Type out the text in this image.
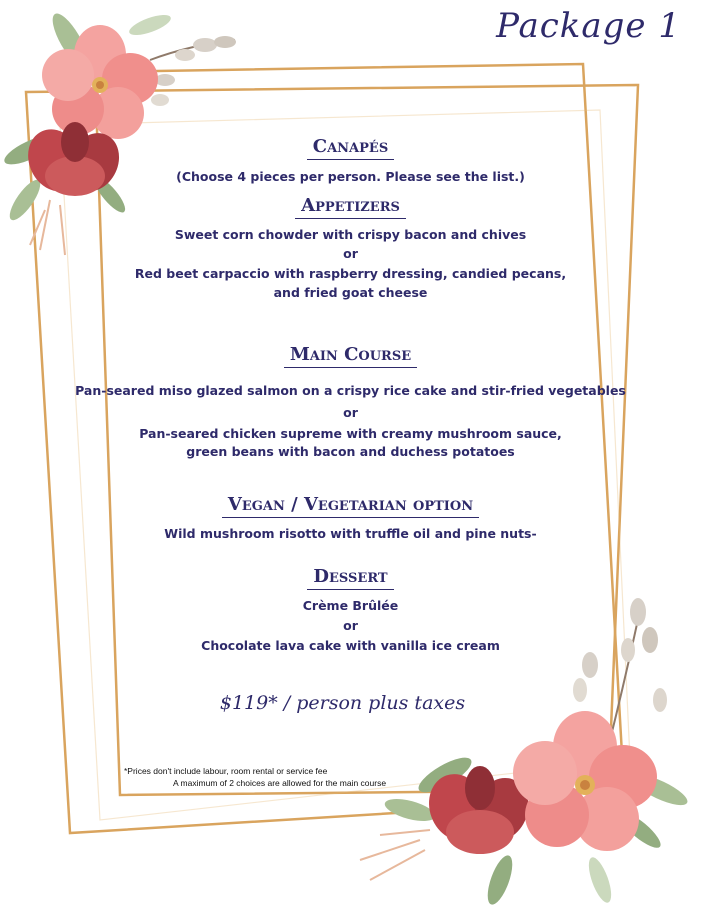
Package 1
Canapés
(Choose 4 pieces per person. Please see the list.)
Appetizers
Sweet corn chowder with crispy bacon and chives
or
Red beet carpaccio with raspberry dressing, candied pecans,
and fried goat cheese
Main Course
Pan-seared miso glazed salmon on a crispy rice cake and stir-fried vegetables
or
Pan-seared chicken supreme with creamy mushroom sauce,
green beans with bacon and duchess potatoes
Vegan / Vegetarian option
Wild mushroom risotto with truffle oil and pine nuts-
Dessert
Crème Brûlée
or
Chocolate lava cake with vanilla ice cream
$119* / person plus taxes
*Prices don't include labour, room rental or service fee
A maximum of 2 choices are allowed for the main course
